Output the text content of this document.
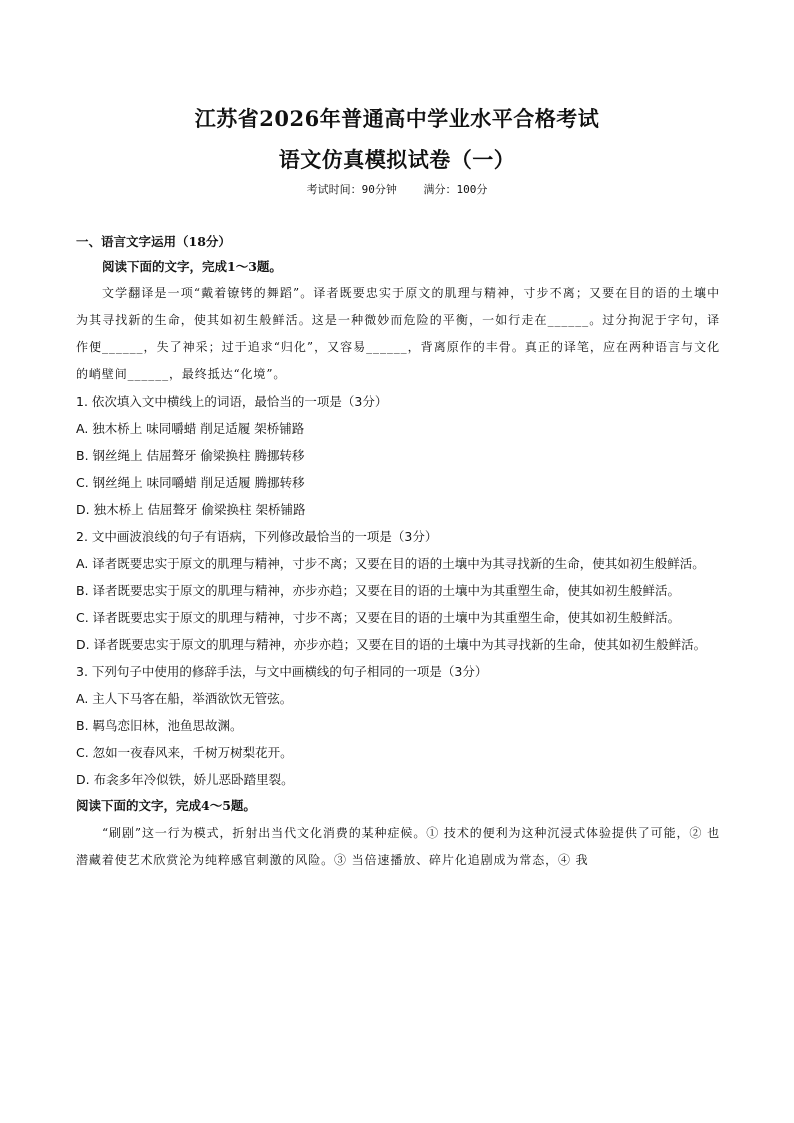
江苏省2026年普通高中学业水平合格考试
语文仿真模拟试卷（一）
考试时间：90分钟 满分：100分
一、语言文字运用（18分）
阅读下面的文字，完成1～3题。
文学翻译是一项“戴着镣铐的舞蹈”。译者既要忠实于原文的肌理与精神，寸步不离；又要在目的语的土壤中为其寻找新的生命，使其如初生般鲜活。这是一种微妙而危险的平衡，一如行走在______。过分拘泥于字句，译作便______，失了神采；过于追求“归化”，又容易______，背离原作的丰骨。真正的译笔，应在两种语言与文化的峭壁间______，最终抵达“化境”。
1. 依次填入文中横线上的词语，最恰当的一项是（3分）
A. 独木桥上 味同嚼蜡 削足适履 架桥铺路
B. 钢丝绳上 佶屈聱牙 偷梁换柱 腾挪转移
C. 钢丝绳上 味同嚼蜡 削足适履 腾挪转移
D. 独木桥上 佶屈聱牙 偷梁换柱 架桥铺路
2. 文中画波浪线的句子有语病，下列修改最恰当的一项是（3分）
A. 译者既要忠实于原文的肌理与精神，寸步不离；又要在目的语的土壤中为其寻找新的生命，使其如初生般鲜活。
B. 译者既要忠实于原文的肌理与精神，亦步亦趋；又要在目的语的土壤中为其重塑生命，使其如初生般鲜活。
C. 译者既要忠实于原文的肌理与精神，寸步不离；又要在目的语的土壤中为其重塑生命，使其如初生般鲜活。
D. 译者既要忠实于原文的肌理与精神，亦步亦趋；又要在目的语的土壤中为其寻找新的生命，使其如初生般鲜活。
3. 下列句子中使用的修辞手法，与文中画横线的句子相同的一项是（3分）
A. 主人下马客在船，举酒欲饮无管弦。
B. 羁鸟恋旧林，池鱼思故渊。
C. 忽如一夜春风来，千树万树梨花开。
D. 布衾多年冷似铁，娇儿恶卧踏里裂。
阅读下面的文字，完成4～5题。
“刷剧”这一行为模式，折射出当代文化消费的某种症候。① 技术的便利为这种沉浸式体验提供了可能，② 也潜藏着使艺术欣赏沦为纯粹感官刺激的风险。③ 当倍速播放、碎片化追剧成为常态，④ 我
